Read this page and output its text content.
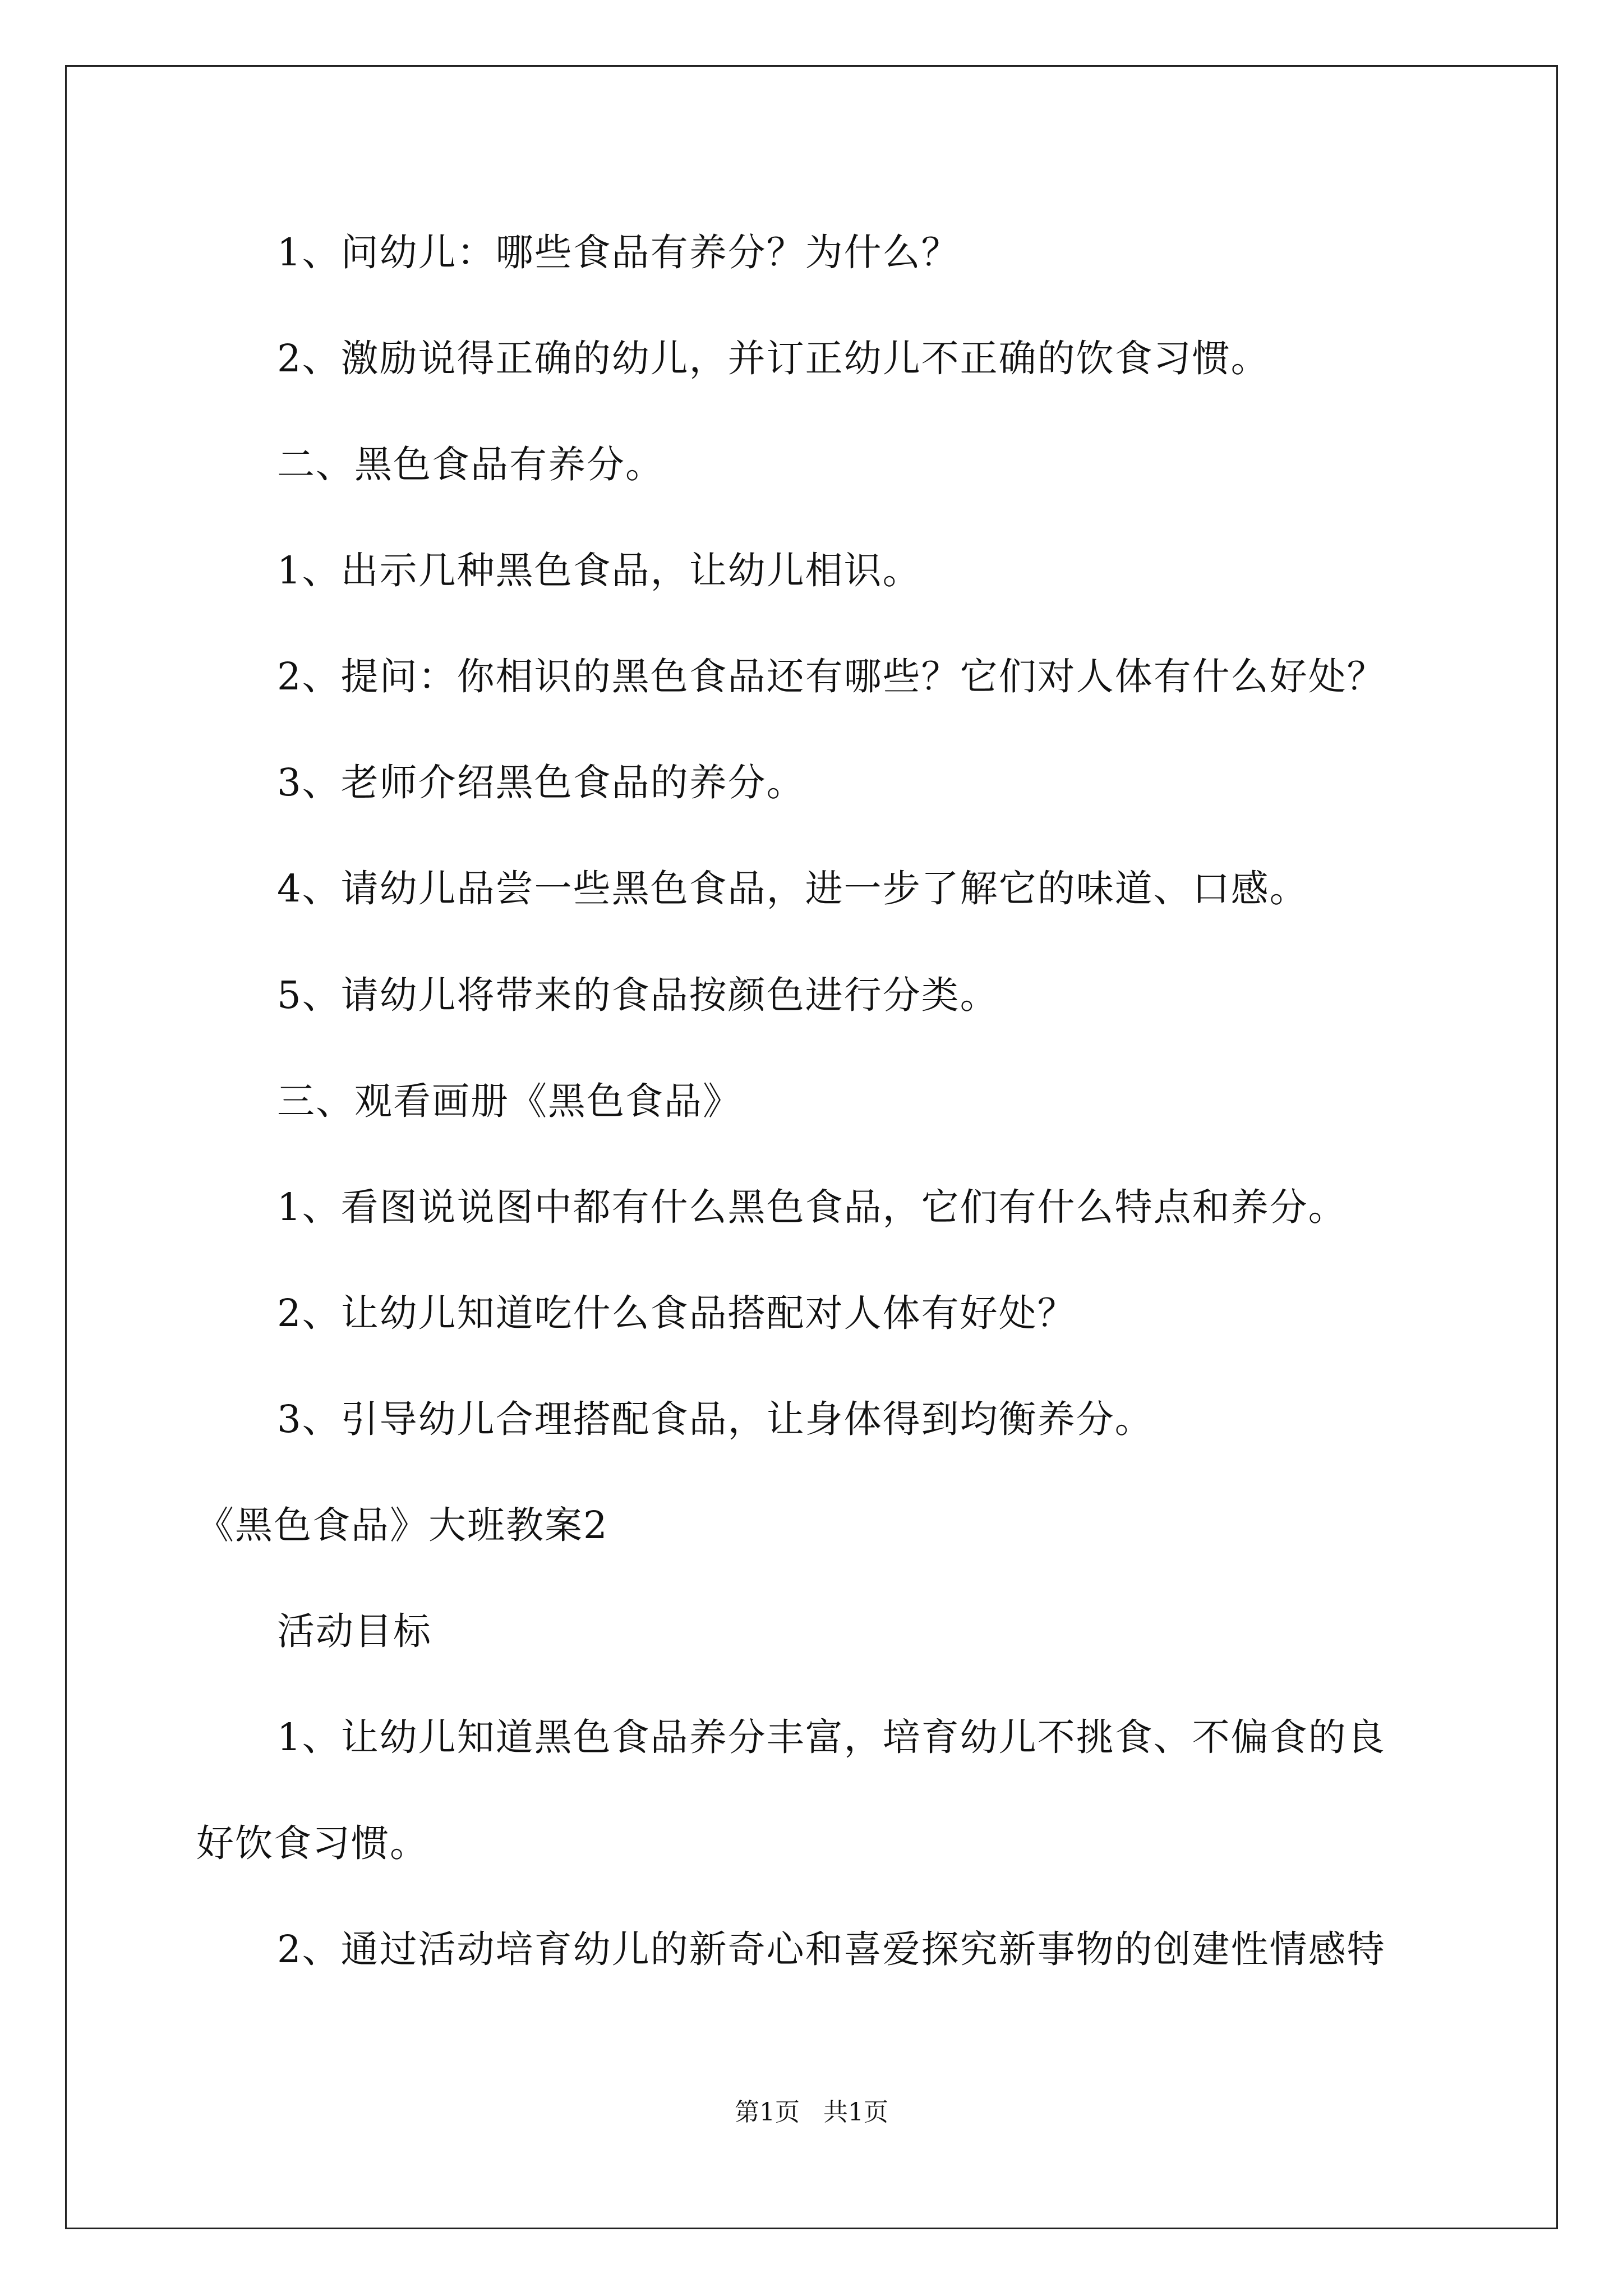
1、问幼儿：哪些食品有养分？为什么？
2、激励说得正确的幼儿，并订正幼儿不正确的饮食习惯。
二、黑色食品有养分。
1、出示几种黑色食品，让幼儿相识。
2、提问：你相识的黑色食品还有哪些？它们对人体有什么好处？
3、老师介绍黑色食品的养分。
4、请幼儿品尝一些黑色食品，进一步了解它的味道、口感。
5、请幼儿将带来的食品按颜色进行分类。
三、观看画册《黑色食品》
1、看图说说图中都有什么黑色食品，它们有什么特点和养分。
2、让幼儿知道吃什么食品搭配对人体有好处？
3、引导幼儿合理搭配食品，让身体得到均衡养分。
《黑色食品》大班教案2
活动目标
1、让幼儿知道黑色食品养分丰富，培育幼儿不挑食、不偏食的良
好饮食习惯。
2、通过活动培育幼儿的新奇心和喜爱探究新事物的创建性情感特
第1页   共1页
